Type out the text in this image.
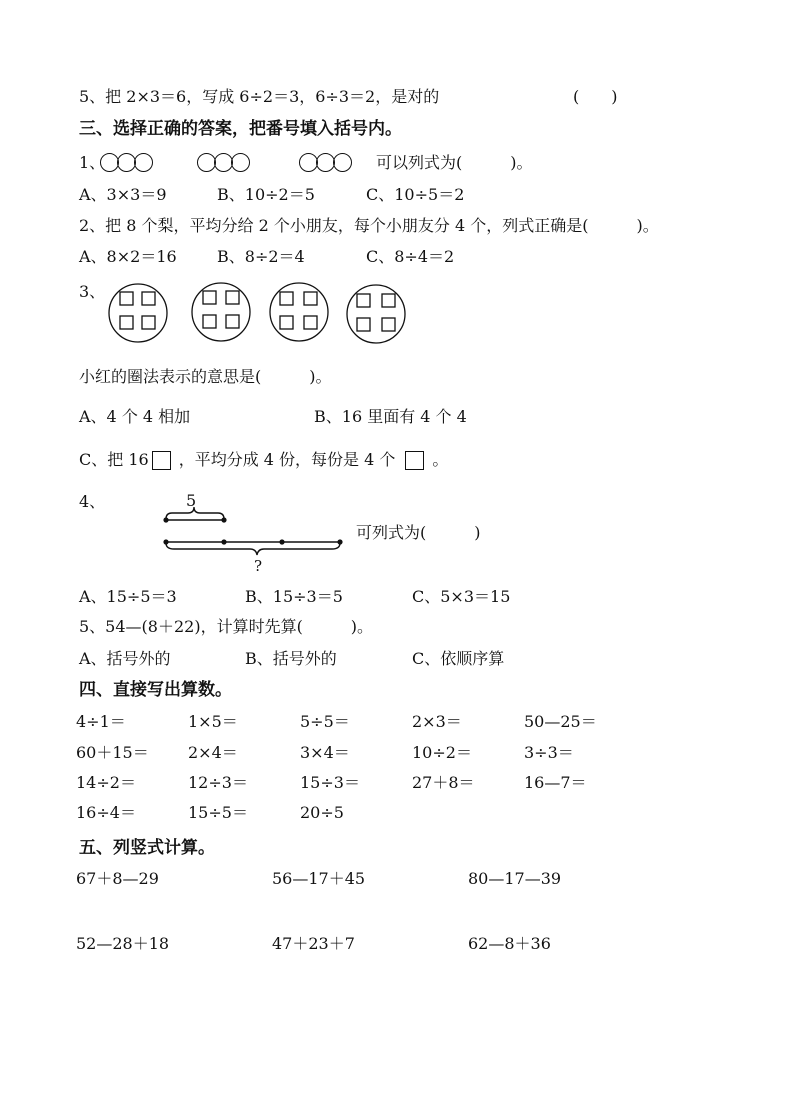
5、把 2×3＝6，写成 6÷2＝3，6÷3＝2，是对的	(　　)
三、选择正确的答案，把番号填入括号内。
1、	可以列式为(　　　)。
A、3×3＝9	B、10÷2＝5	C、10÷5＝2
2、把 8 个梨，平均分给 2 个小朋友，每个小朋友分 4 个，列式正确是(　　　)。
A、8×2＝16	B、8÷2＝4	C、8÷4＝2
3、
小红的圈法表示的意思是(　　　)。
A、4 个 4 相加	B、16 里面有 4 个 4
C、把 16 ，平均分成 4 份，每份是 4 个 。
4、	5
?
可列式为(　　　)
A、15÷5＝3	B、15÷3＝5	C、5×3＝15
5、54—(8＋22)，计算时先算(　　　)。
A、括号外的	B、括号外的	C、依顺序算
四、直接写出算数。
4÷1＝	1×5＝	5÷5＝	2×3＝	50—25＝
60＋15＝ 2×4＝	3×4＝	10÷2＝	3÷3＝
14÷2＝	12÷3＝	15÷3＝	27＋8＝	16—7＝
16÷4＝	15÷5＝	20÷5
五、列竖式计算。
67＋8—29	56—17＋45	80—17—39
52—28＋18	47＋23＋7	62—8＋36
